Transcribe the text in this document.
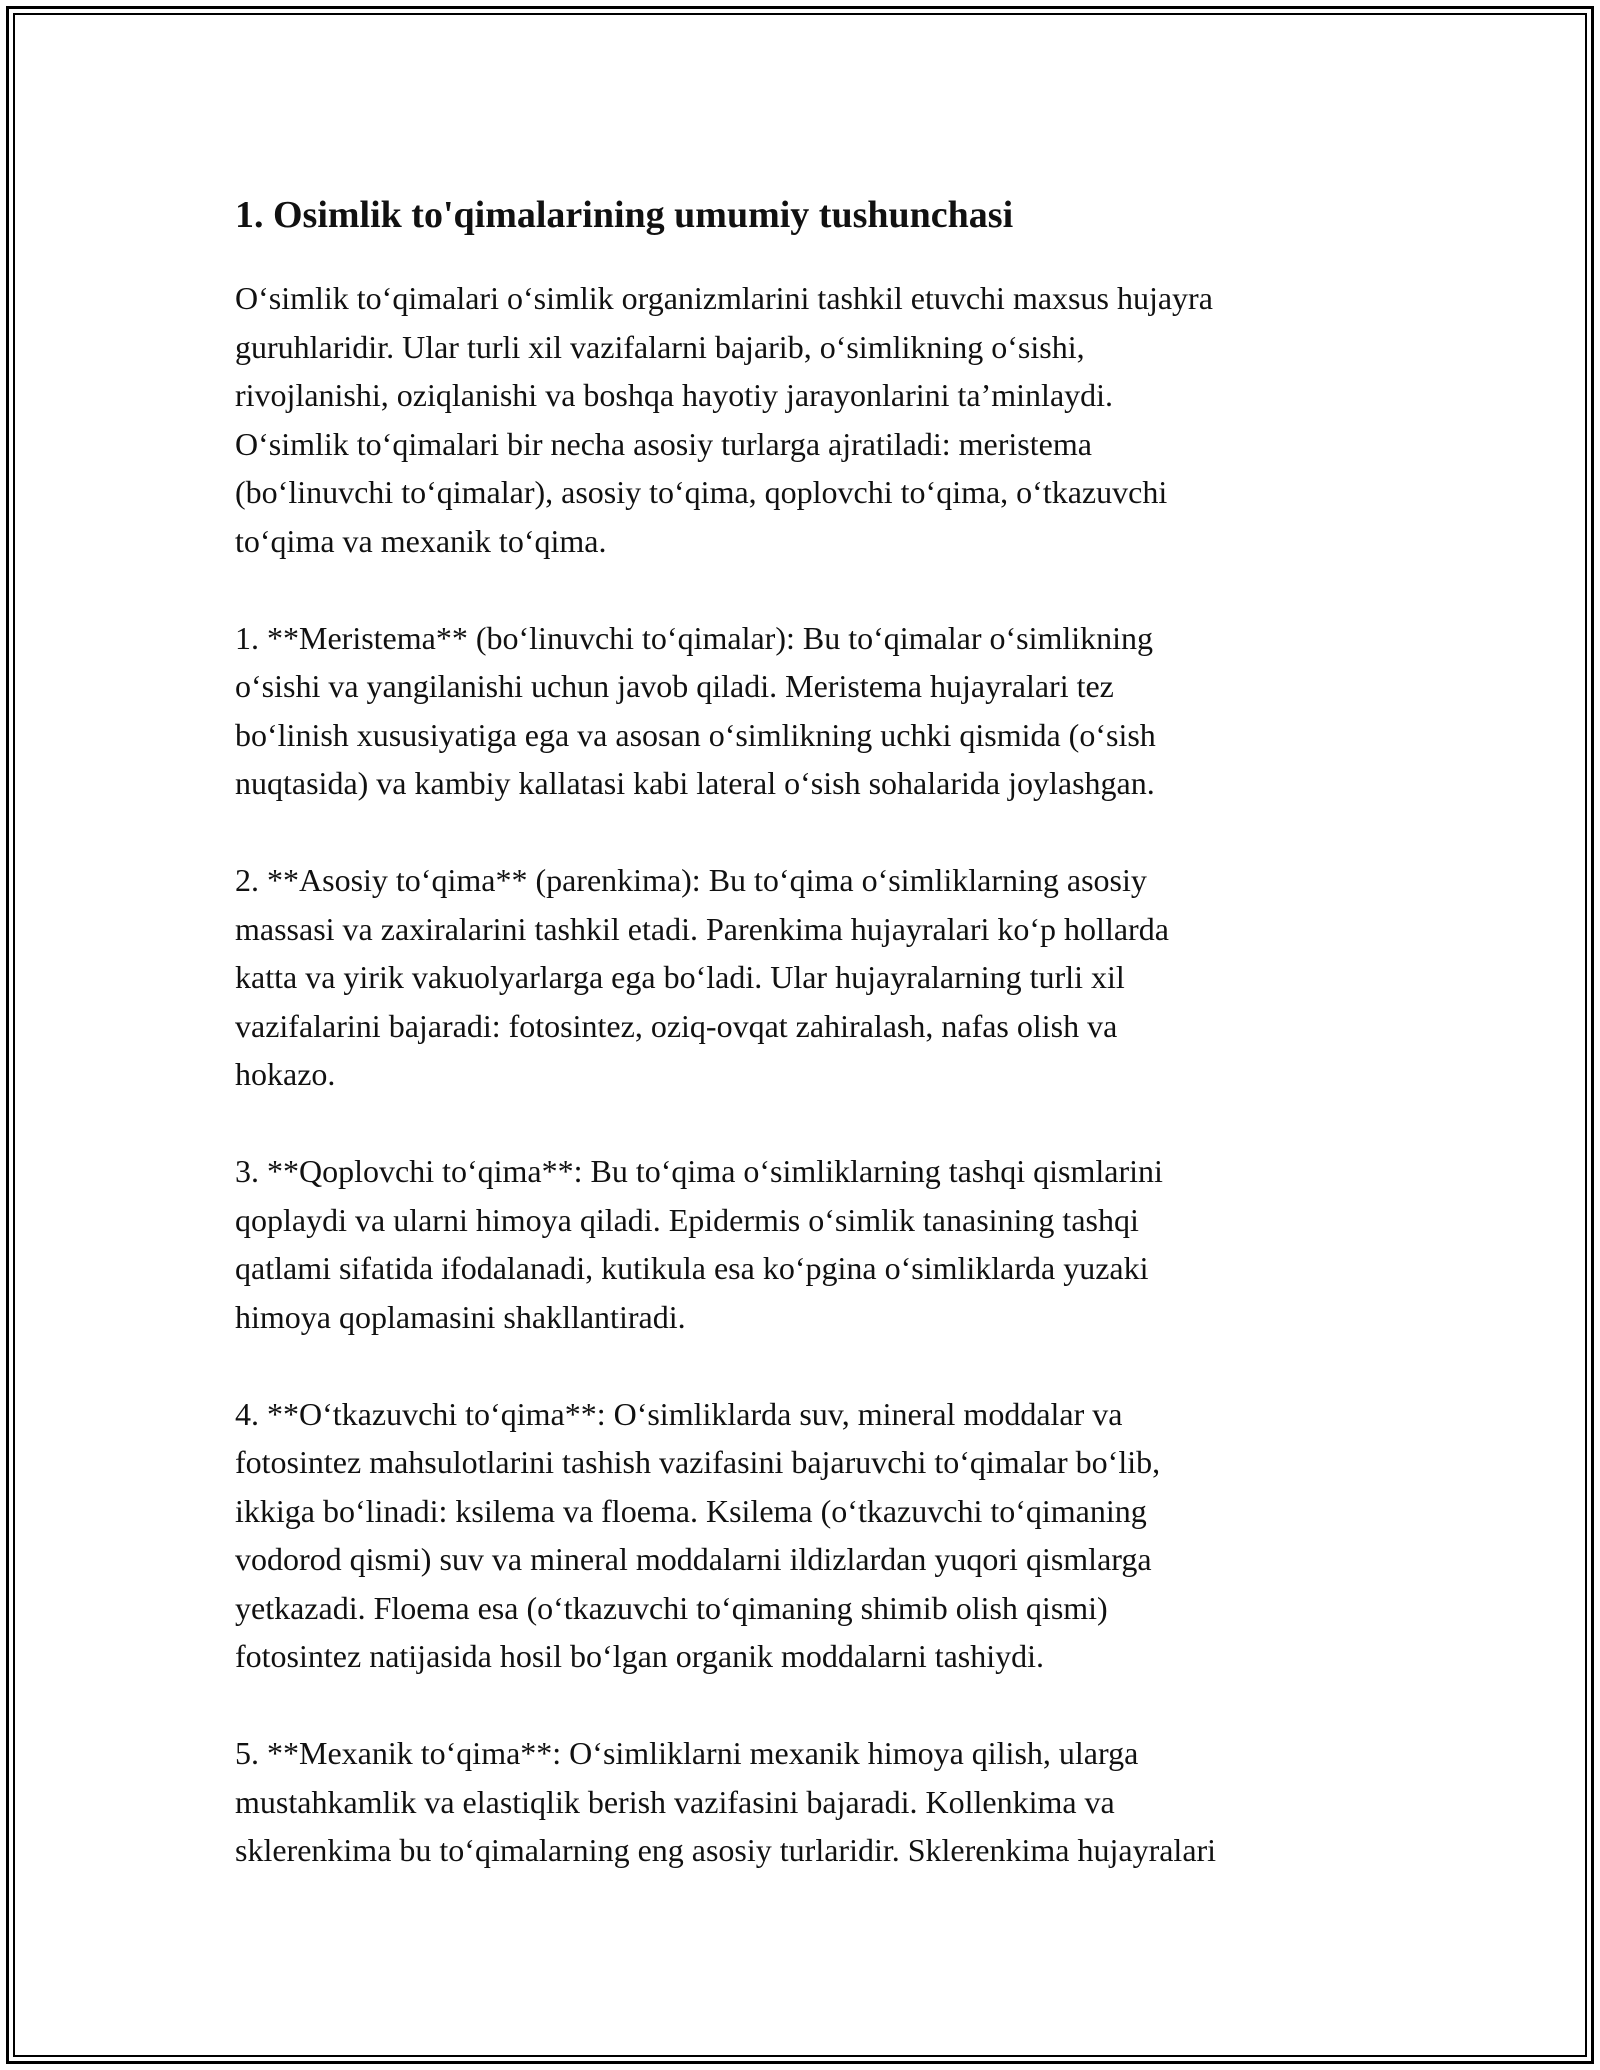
1. Osimlik to'qimalarining umumiy tushunchasi

O‘simlik to‘qimalari o‘simlik organizmlarini tashkil etuvchi maxsus hujayra
guruhlaridir. Ular turli xil vazifalarni bajarib, o‘simlikning o‘sishi,
rivojlanishi, oziqlanishi va boshqa hayotiy jarayonlarini ta’minlaydi.
O‘simlik to‘qimalari bir necha asosiy turlarga ajratiladi: meristema
(bo‘linuvchi to‘qimalar), asosiy to‘qima, qoplovchi to‘qima, o‘tkazuvchi
to‘qima va mexanik to‘qima.

1. **Meristema** (bo‘linuvchi to‘qimalar): Bu to‘qimalar o‘simlikning
o‘sishi va yangilanishi uchun javob qiladi. Meristema hujayralari tez
bo‘linish xususiyatiga ega va asosan o‘simlikning uchki qismida (o‘sish
nuqtasida) va kambiy kallatasi kabi lateral o‘sish sohalarida joylashgan.

2. **Asosiy to‘qima** (parenkima): Bu to‘qima o‘simliklarning asosiy
massasi va zaxiralarini tashkil etadi. Parenkima hujayralari ko‘p hollarda
katta va yirik vakuolyarlarga ega bo‘ladi. Ular hujayralarning turli xil
vazifalarini bajaradi: fotosintez, oziq-ovqat zahiralash, nafas olish va
hokazo.

3. **Qoplovchi to‘qima**: Bu to‘qima o‘simliklarning tashqi qismlarini
qoplaydi va ularni himoya qiladi. Epidermis o‘simlik tanasining tashqi
qatlami sifatida ifodalanadi, kutikula esa ko‘pgina o‘simliklarda yuzaki
himoya qoplamasini shakllantiradi.

4. **O‘tkazuvchi to‘qima**: O‘simliklarda suv, mineral moddalar va
fotosintez mahsulotlarini tashish vazifasini bajaruvchi to‘qimalar bo‘lib,
ikkiga bo‘linadi: ksilema va floema. Ksilema (o‘tkazuvchi to‘qimaning
vodorod qismi) suv va mineral moddalarni ildizlardan yuqori qismlarga
yetkazadi. Floema esa (o‘tkazuvchi to‘qimaning shimib olish qismi)
fotosintez natijasida hosil bo‘lgan organik moddalarni tashiydi.

5. **Mexanik to‘qima**: O‘simliklarni mexanik himoya qilish, ularga
mustahkamlik va elastiqlik berish vazifasini bajaradi. Kollenkima va
sklerenkima bu to‘qimalarning eng asosiy turlaridir. Sklerenkima hujayralari
